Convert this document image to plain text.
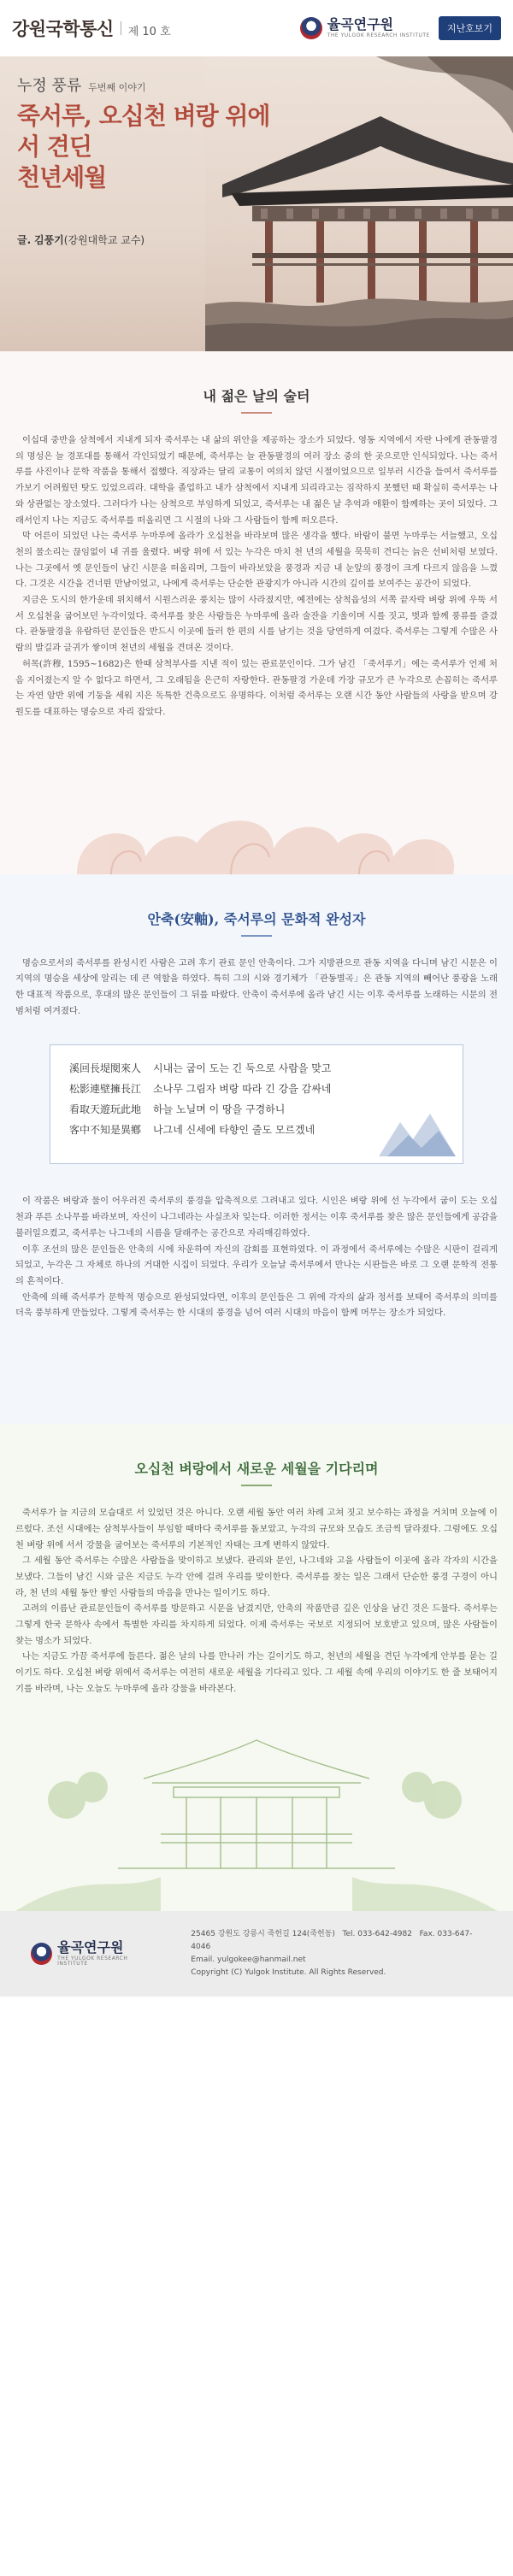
강원국학통신 제 10 호	율곡연구원
THE YULGOK RESEARCH INSTITUTE
지난호보기
누정 풍류 두번째 이야기
죽서루, 오십천 벼랑 위에서 견딘
천년세월
글. 김풍기(강원대학교 교수)
내 젊은 날의 술터

이십대 중반을 삼척에서 지내게 되자 죽서루는 내 삶의 위안을 제공하는 장소가 되었다. 영동 지역에서 자란 나에게 관동팔경의 명성은 늘 경포대를 통해서 각인되었기 때문에, 죽서루는 늘 관동팔경의 여러 장소 중의 한 곳으로만 인식되었다. 나는 죽서루를 사진이나 문학 작품을 통해서 접했다. 직장과는 달리 교통이 여의치 않던 시절이었으므로 일부러 시간을 들여서 죽서루를 가보기 어려웠던 탓도 있었으리라. 대학을 졸업하고 내가 삼척에서 지내게 되리라고는 짐작하지 못했던 때 확실히 죽서루는 나와 상관없는 장소였다. 그러다가 나는 삼척으로 부임하게 되었고, 죽서루는 내 젊은 날 추억과 애환이 함께하는 곳이 되었다. 그래서인지 나는 지금도 죽서루를 떠올리면 그 시절의 나와 그 사람들이 함께 떠오른다.

막 어른이 되었던 나는 죽서루 누마루에 올라가 오십천을 바라보며 많은 생각을 했다. 바람이 불면 누마루는 서늘했고, 오십천의 물소리는 끊임없이 내 귀를 울렸다. 벼랑 위에 서 있는 누각은 마치 천 년의 세월을 묵묵히 견디는 늙은 선비처럼 보였다. 나는 그곳에서 옛 문인들이 남긴 시문을 떠올리며, 그들이 바라보았을 풍경과 지금 내 눈앞의 풍경이 크게 다르지 않음을 느꼈다. 그것은 시간을 건너뛴 만남이었고, 나에게 죽서루는 단순한 관광지가 아니라 시간의 깊이를 보여주는 공간이 되었다.

지금은 도시의 한가운데 위치해서 시원스러운 풍치는 많이 사라졌지만, 예전에는 삼척읍성의 서쪽 끝자락 벼랑 위에 우뚝 서서 오십천을 굽어보던 누각이었다. 죽서루를 찾은 사람들은 누마루에 올라 술잔을 기울이며 시를 짓고, 벗과 함께 풍류를 즐겼다. 관동팔경을 유람하던 문인들은 반드시 이곳에 들러 한 편의 시를 남기는 것을 당연하게 여겼다. 죽서루는 그렇게 수많은 사람의 발길과 글귀가 쌓이며 천년의 세월을 견뎌온 것이다.

허목(許穆, 1595~1682)은 한때 삼척부사를 지낸 적이 있는 관료문인이다. 그가 남긴 「죽서루기」에는 죽서루가 언제 처음 지어졌는지 알 수 없다고 하면서, 그 오래됨을 은근히 자랑한다. 관동팔경 가운데 가장 규모가 큰 누각으로 손꼽히는 죽서루는 자연 암반 위에 기둥을 세워 지은 독특한 건축으로도 유명하다. 이처럼 죽서루는 오랜 시간 동안 사람들의 사랑을 받으며 강원도를 대표하는 명승으로 자리 잡았다.

안축(安軸), 죽서루의 문화적 완성자

명승으로서의 죽서루를 완성시킨 사람은 고려 후기 관료 문인 안축이다. 그가 지방관으로 관동 지역을 다니며 남긴 시문은 이 지역의 명승을 세상에 알리는 데 큰 역할을 하였다. 특히 그의 시와 경기체가 「관동별곡」은 관동 지역의 빼어난 풍광을 노래한 대표적 작품으로, 후대의 많은 문인들이 그 뒤를 따랐다. 안축이 죽서루에 올라 남긴 시는 이후 죽서루를 노래하는 시문의 전범처럼 여겨졌다.

溪回長堤閱來人
松影連壁擁長江
看取天遊玩此地
客中不知是異鄕
시내는 굽이 도는 긴 둑으로 사람을 맞고
소나무 그림자 벼랑 따라 긴 강을 감싸네
하늘 노닐며 이 땅을 구경하니
나그네 신세에 타향인 줄도 모르겠네

이 작품은 벼랑과 물이 어우러진 죽서루의 풍경을 압축적으로 그려내고 있다. 시인은 벼랑 위에 선 누각에서 굽이 도는 오십천과 푸른 소나무를 바라보며, 자신이 나그네라는 사실조차 잊는다. 이러한 정서는 이후 죽서루를 찾은 많은 문인들에게 공감을 불러일으켰고, 죽서루는 나그네의 시름을 달래주는 공간으로 자리매김하였다.

이후 조선의 많은 문인들은 안축의 시에 차운하여 자신의 감회를 표현하였다. 이 과정에서 죽서루에는 수많은 시판이 걸리게 되었고, 누각은 그 자체로 하나의 거대한 시집이 되었다. 우리가 오늘날 죽서루에서 만나는 시판들은 바로 그 오랜 문학적 전통의 흔적이다.

안축에 의해 죽서루가 문학적 명승으로 완성되었다면, 이후의 문인들은 그 위에 각자의 삶과 정서를 보태어 죽서루의 의미를 더욱 풍부하게 만들었다. 그렇게 죽서루는 한 시대의 풍경을 넘어 여러 시대의 마음이 함께 머무는 장소가 되었다.

오십천 벼랑에서 새로운 세월을 기다리며

죽서루가 늘 지금의 모습대로 서 있었던 것은 아니다. 오랜 세월 동안 여러 차례 고쳐 짓고 보수하는 과정을 거치며 오늘에 이르렀다. 조선 시대에는 삼척부사들이 부임할 때마다 죽서루를 돌보았고, 누각의 규모와 모습도 조금씩 달라졌다. 그럼에도 오십천 벼랑 위에 서서 강물을 굽어보는 죽서루의 기본적인 자태는 크게 변하지 않았다.

그 세월 동안 죽서루는 수많은 사람들을 맞이하고 보냈다. 관리와 문인, 나그네와 고을 사람들이 이곳에 올라 각자의 시간을 보냈다. 그들이 남긴 시와 글은 지금도 누각 안에 걸려 우리를 맞이한다. 죽서루를 찾는 일은 그래서 단순한 풍경 구경이 아니라, 천 년의 세월 동안 쌓인 사람들의 마음을 만나는 일이기도 하다.

고려의 이름난 관료문인들이 죽서루를 방문하고 시문을 남겼지만, 안축의 작품만큼 깊은 인상을 남긴 것은 드물다. 죽서루는 그렇게 한국 문학사 속에서 특별한 자리를 차지하게 되었다. 이제 죽서루는 국보로 지정되어 보호받고 있으며, 많은 사람들이 찾는 명소가 되었다.

나는 지금도 가끔 죽서루에 들른다. 젊은 날의 나를 만나러 가는 길이기도 하고, 천년의 세월을 견딘 누각에게 안부를 묻는 길이기도 하다. 오십천 벼랑 위에서 죽서루는 여전히 새로운 세월을 기다리고 있다. 그 세월 속에 우리의 이야기도 한 줄 보태어지기를 바라며, 나는 오늘도 누마루에 올라 강물을 바라본다.

율곡연구원
THE YULGOK RESEARCH INSTITUTE
25465 강원도 강릉시 죽헌길 124(죽헌동) Tel. 033-642-4982 Fax. 033-647-4046
Email. yulgokee@hanmail.net
Copyright (C) Yulgok Institute. All Rights Reserved.
